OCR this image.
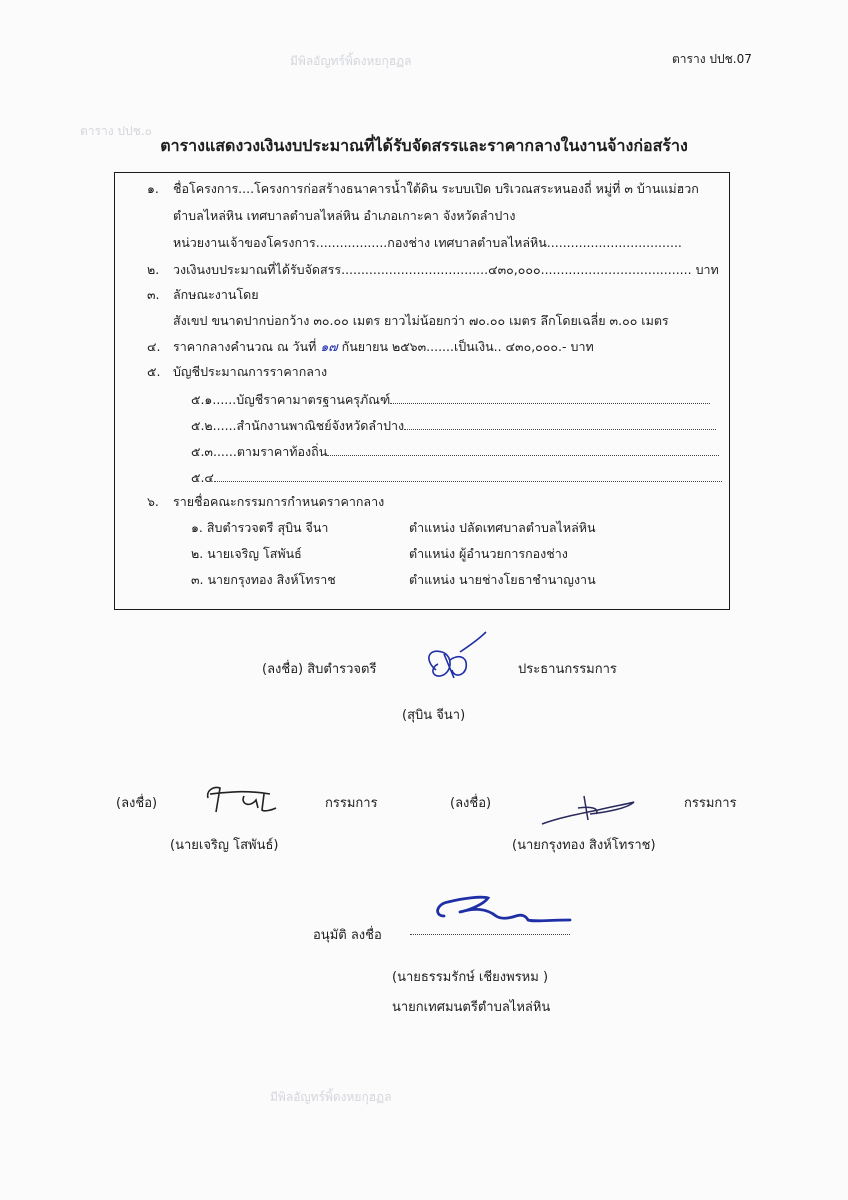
มีพิลอัญทร์พิ้ดงหยกุฮฏล
ตาราง ปปช.๐
มีพิลอัญทร์พิ้ดงหยกุฮฏล
ตาราง ปปช.07
ตารางแสดงวงเงินงบประมาณที่ได้รับจัดสรรและราคากลางในงานจ้างก่อสร้าง
๑. ชื่อโครงการ....โครงการก่อสร้างธนาคารน้ำใต้ดิน ระบบเปิด บริเวณสระหนองถี่ หมู่ที่ ๓ บ้านแม่ฮวก
ตำบลไหล่หิน เทศบาลตำบลไหล่หิน อำเภอเกาะคา จังหวัดลำปาง
หน่วยงานเจ้าของโครงการ..................กองช่าง เทศบาลตำบลไหล่หิน..................................
๒. วงเงินงบประมาณที่ได้รับจัดสรร.....................................๔๓๐,๐๐๐...................................... บาท
๓. ลักษณะงานโดย
สังเขป ขนาดปากบ่อกว้าง ๓๐.๐๐ เมตร ยาวไม่น้อยกว่า ๗๐.๐๐ เมตร ลึกโดยเฉลี่ย ๓.๐๐ เมตร
๔. ราคากลางคำนวณ ณ วันที่ ๑๗ กันยายน ๒๕๖๓.......เป็นเงิน.. ๔๓๐,๐๐๐.- บาท
๕. บัญชีประมาณการราคากลาง
๕.๑......บัญชีราคามาตรฐานครุภัณฑ์
๕.๒......สำนักงานพาณิชย์จังหวัดลำปาง
๕.๓......ตามราคาท้องถิ่น
๕.๔
๖. รายชื่อคณะกรรมการกำหนดราคากลาง
๑. สิบตำรวจตรี สุบิน จีนา	ตำแหน่ง ปลัดเทศบาลตำบลไหล่หิน
๒. นายเจริญ โสพันธ์	ตำแหน่ง ผู้อำนวยการกองช่าง
๓. นายกรุงทอง สิงห์โทราช	ตำแหน่ง นายช่างโยธาชำนาญงาน
(ลงชื่อ) สิบตำรวจตรี	ประธานกรรมการ
(สุบิน จีนา)
(ลงชื่อ)	กรรมการ
(นายเจริญ โสพันธ์)
(ลงชื่อ)	กรรมการ
(นายกรุงทอง สิงห์โทราช)
อนุมัติ ลงชื่อ
(นายธรรมรักษ์ เชียงพรหม )
นายกเทศมนตรีตำบลไหล่หิน
